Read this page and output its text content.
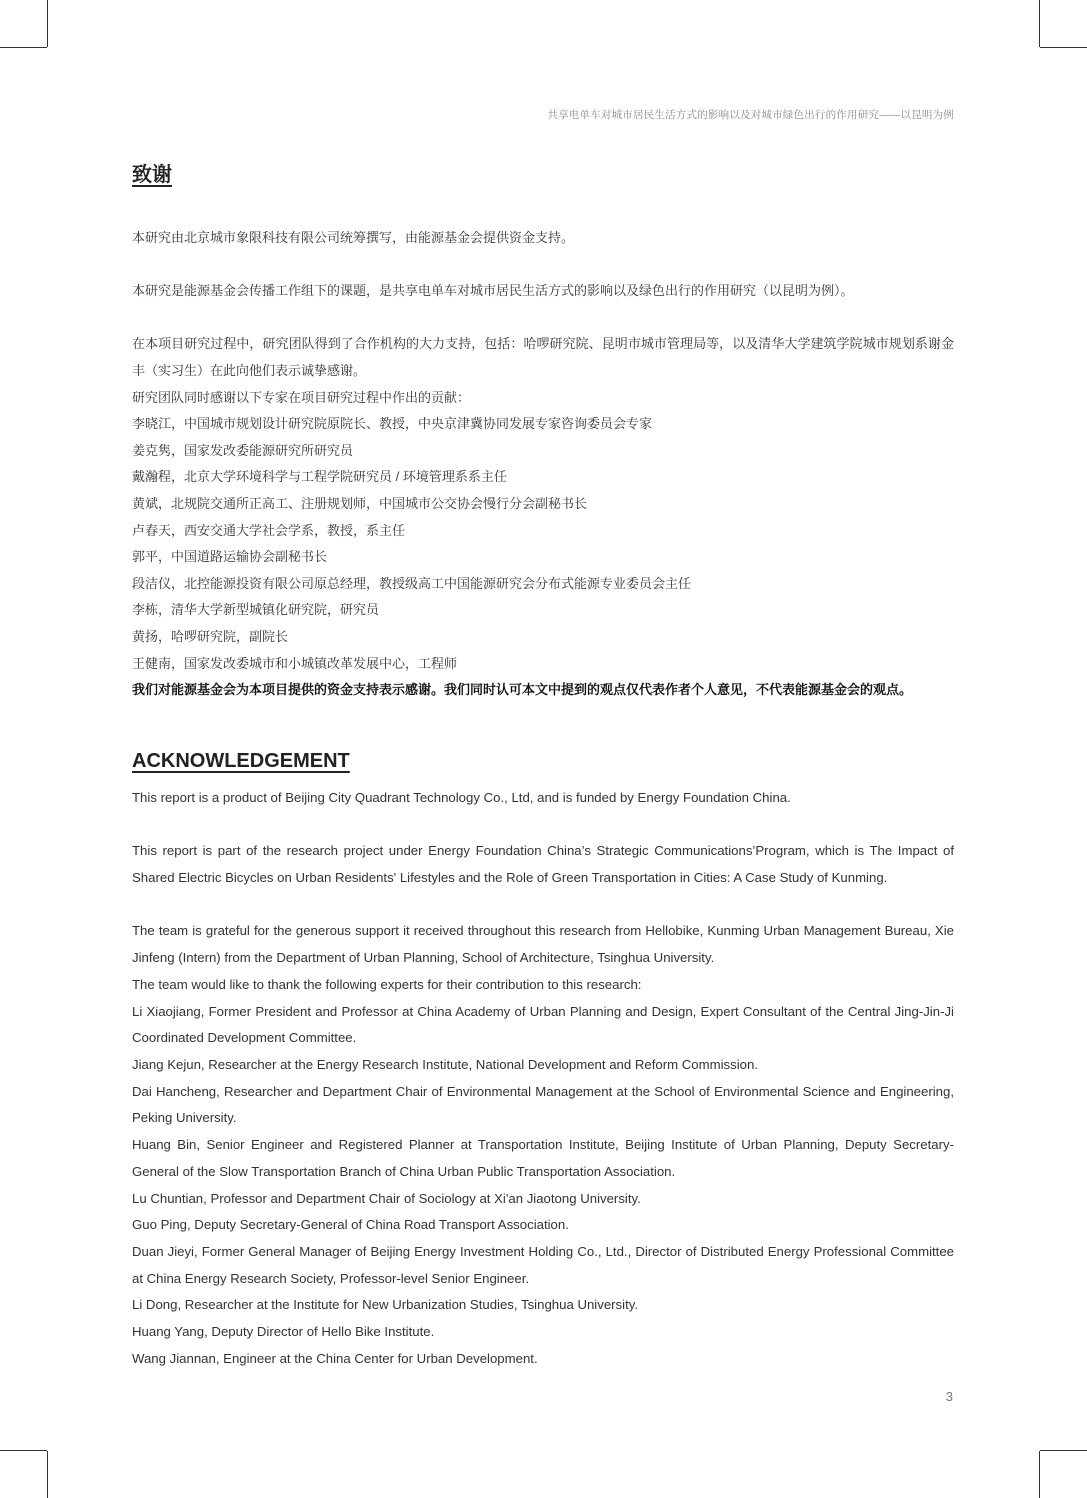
共享电单车对城市居民生活方式的影响以及对城市绿色出行的作用研究——以昆明为例
致谢

本研究由北京城市象限科技有限公司统筹撰写，由能源基金会提供资金支持。

本研究是能源基金会传播工作组下的课题，是共享电单车对城市居民生活方式的影响以及绿色出行的作用研究（以昆明为例）。

在本项目研究过程中，研究团队得到了合作机构的大力支持，包括：哈啰研究院、昆明市城市管理局等，以及清华大学建筑学院城市规划系谢金丰（实习生）在此向他们表示诚挚感谢。

研究团队同时感谢以下专家在项目研究过程中作出的贡献：

李晓江，中国城市规划设计研究院原院长、教授，中央京津冀协同发展专家咨询委员会专家

姜克隽，国家发改委能源研究所研究员

戴瀚程，北京大学环境科学与工程学院研究员 / 环境管理系系主任

黄斌，北规院交通所正高工、注册规划师，中国城市公交协会慢行分会副秘书长

卢春天，西安交通大学社会学系，教授，系主任

郭平，中国道路运输协会副秘书长

段洁仪，北控能源投资有限公司原总经理，教授级高工中国能源研究会分布式能源专业委员会主任

李栋，清华大学新型城镇化研究院，研究员

黄扬，哈啰研究院，副院长

王健南，国家发改委城市和小城镇改革发展中心，工程师

我们对能源基金会为本项目提供的资金支持表示感谢。我们同时认可本文中提到的观点仅代表作者个人意见，不代表能源基金会的观点。

ACKNOWLEDGEMENT

This report is a product of Beijing City Quadrant Technology Co., Ltd, and is funded by Energy Foundation China.

This report is part of the research project under Energy Foundation China’s Strategic Communications’Program, which is The Impact of Shared Electric Bicycles on Urban Residents' Lifestyles and the Role of Green Transportation in Cities: A Case Study of Kunming.

The team is grateful for the generous support it received throughout this research from Hellobike, Kunming Urban Management Bureau, Xie Jinfeng (Intern) from the Department of Urban Planning, School of Architecture, Tsinghua University.

The team would like to thank the following experts for their contribution to this research:

Li Xiaojiang, Former President and Professor at China Academy of Urban Planning and Design, Expert Consultant of the Central Jing-Jin-Ji Coordinated Development Committee.

Jiang Kejun, Researcher at the Energy Research Institute, National Development and Reform Commission.

Dai Hancheng, Researcher and Department Chair of Environmental Management at the School of Environmental Science and Engineering, Peking University.

Huang Bin, Senior Engineer and Registered Planner at Transportation Institute, Beijing Institute of Urban Planning, Deputy Secretary-General of the Slow Transportation Branch of China Urban Public Transportation Association.

Lu Chuntian, Professor and Department Chair of Sociology at Xi'an Jiaotong University.

Guo Ping, Deputy Secretary-General of China Road Transport Association.

Duan Jieyi, Former General Manager of Beijing Energy Investment Holding Co., Ltd., Director of Distributed Energy Professional Committee at China Energy Research Society, Professor-level Senior Engineer.

Li Dong, Researcher at the Institute for New Urbanization Studies, Tsinghua University.

Huang Yang, Deputy Director of Hello Bike Institute.

Wang Jiannan, Engineer at the China Center for Urban Development.

3
